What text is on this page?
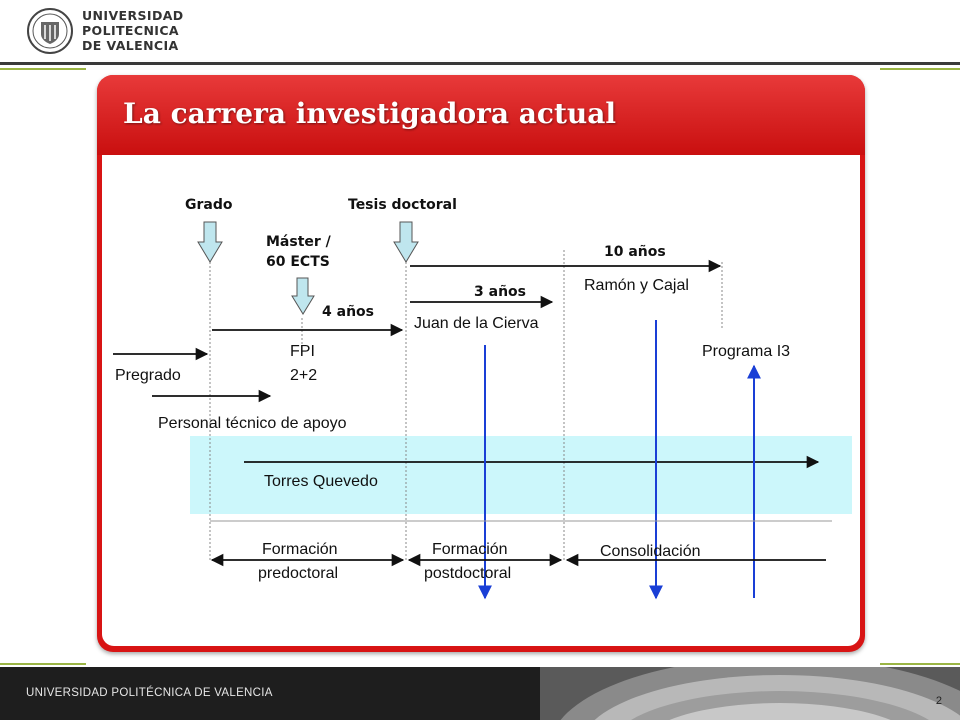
UNIVERSIDAD
POLITECNICA
DE VALENCIA
La carrera investigadora actual
Grado	Tesis doctoral
Máster /
60 ECTS
4 años
3 años
10 años
Ramón y Cajal
Juan de la Cierva
FPI
2+2
Programa I3
Pregrado
Personal técnico de apoyo
Torres Quevedo
Formación
predoctoral
Formación
postdoctoral
Consolidación
UNIVERSIDAD POLITÉCNICA DE VALENCIA
2
